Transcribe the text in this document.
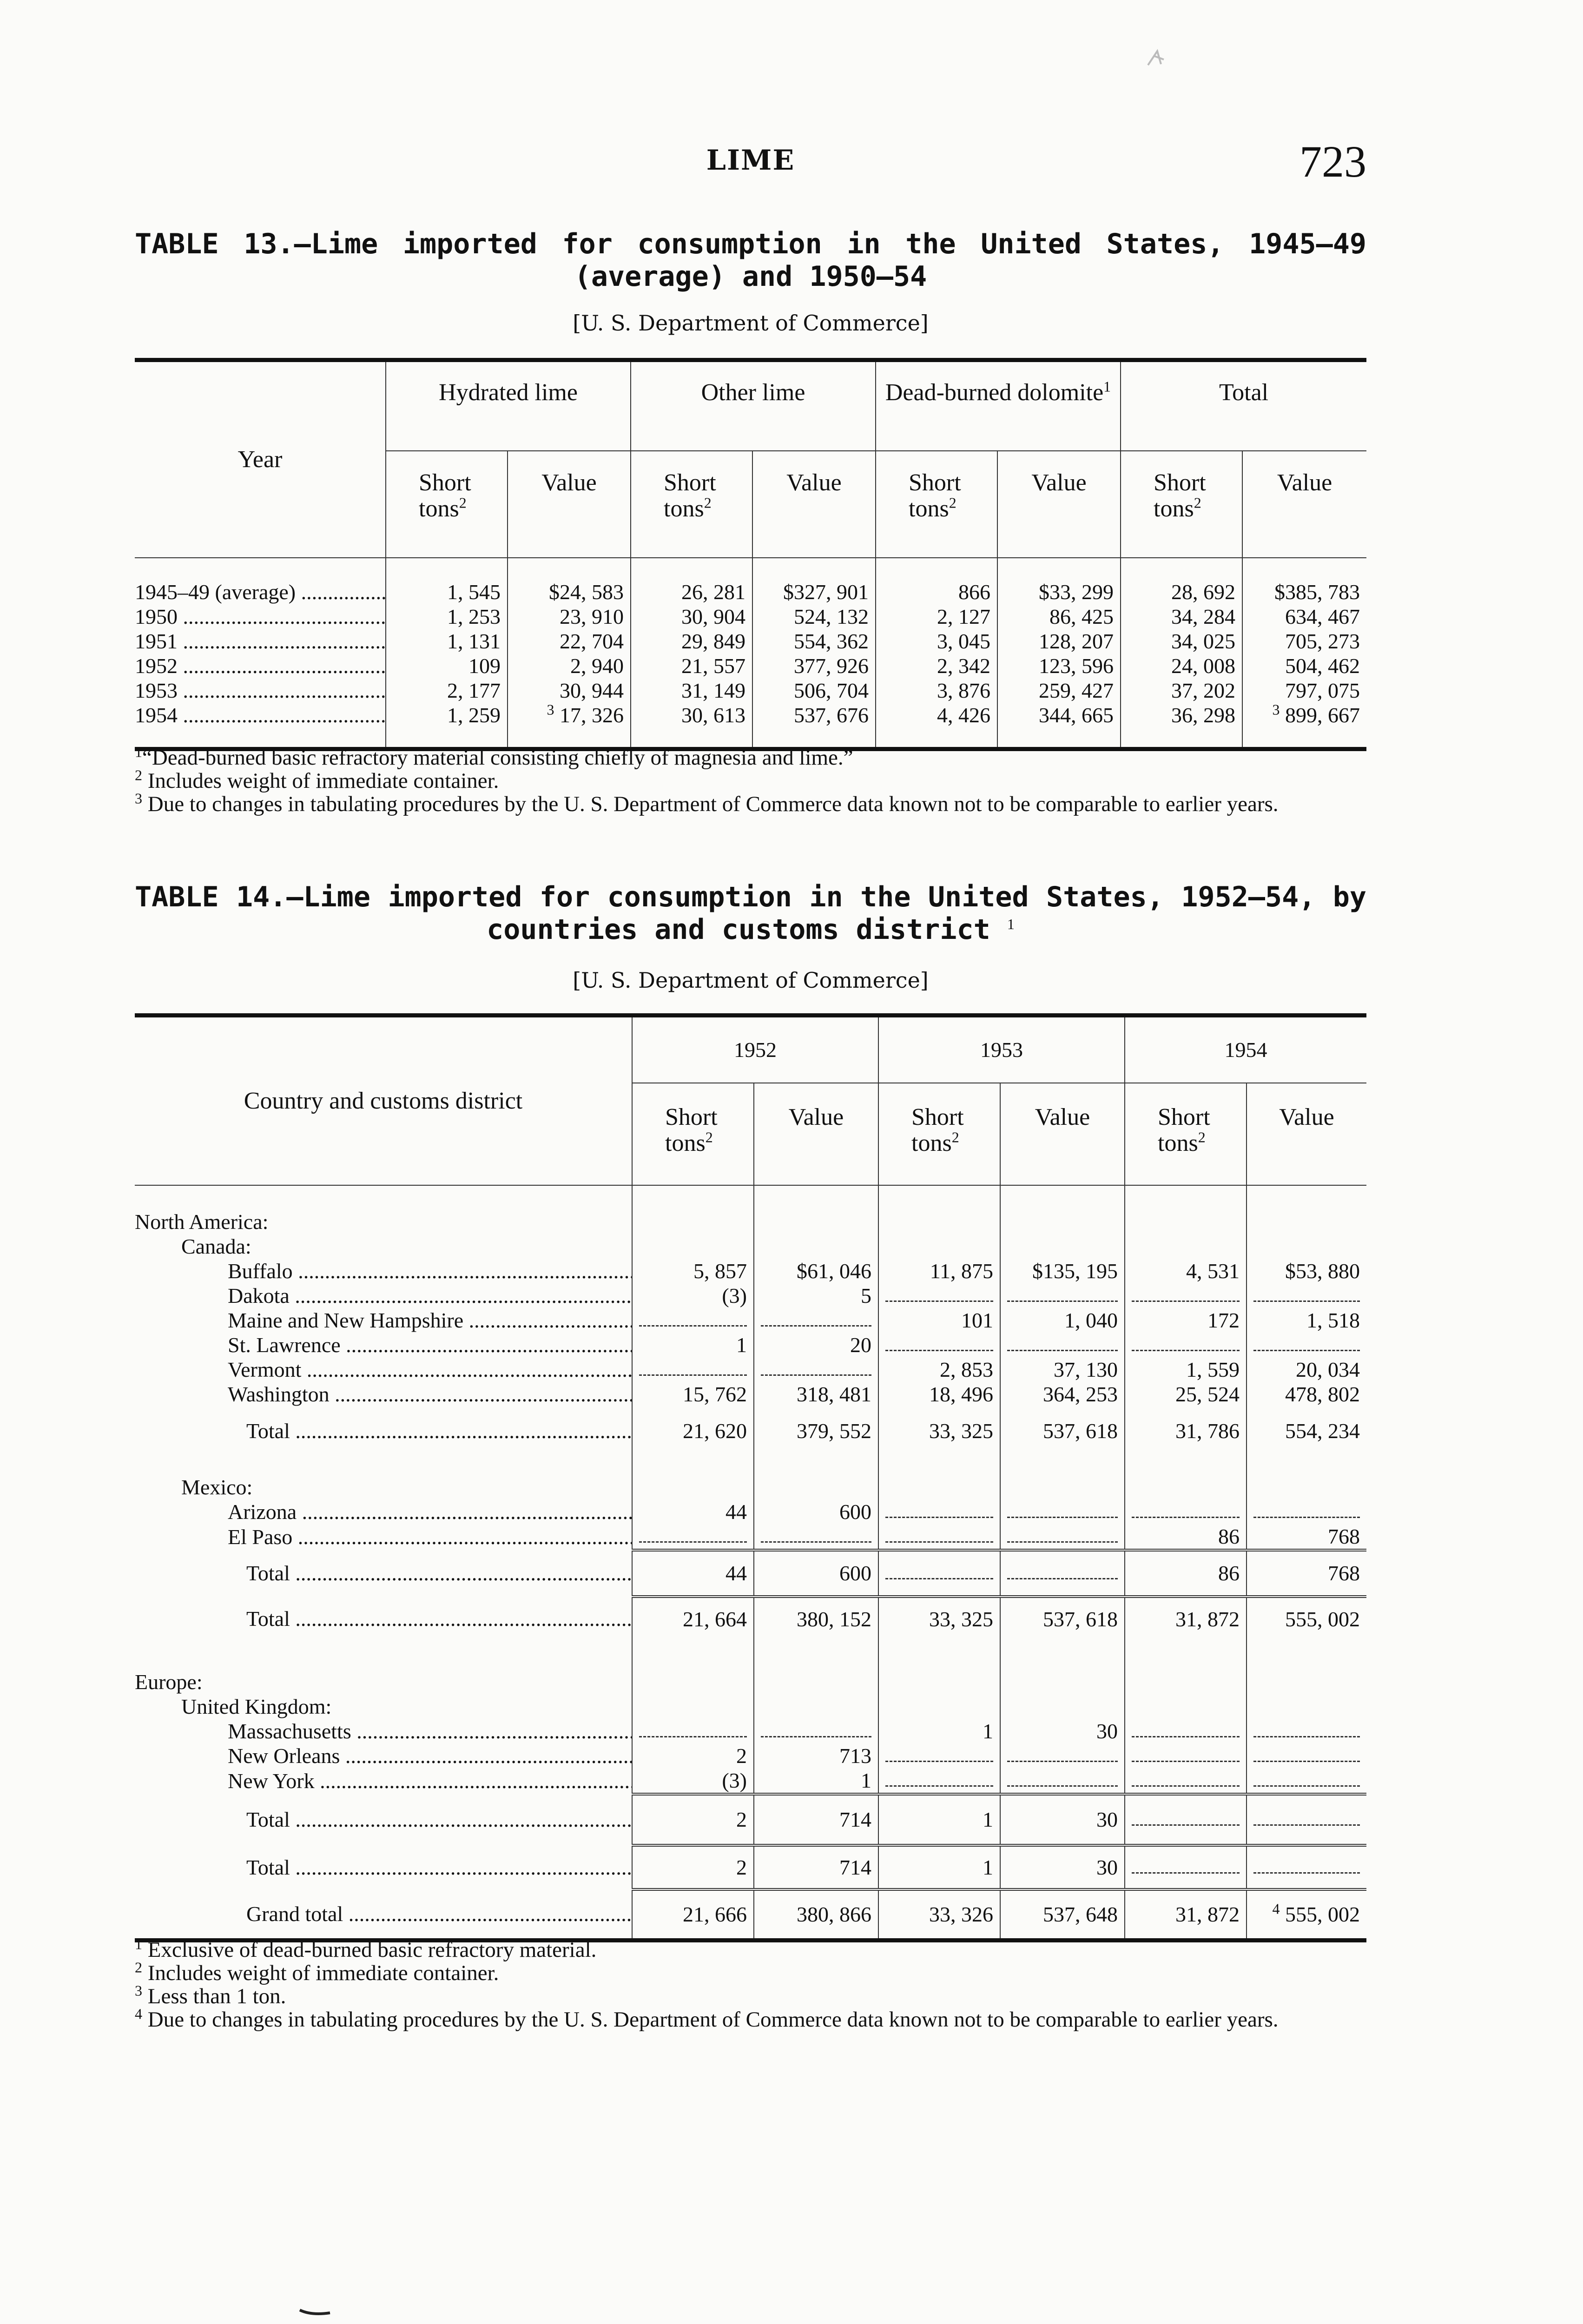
LIME	723
TABLE 13.—Lime imported for consumption in the United States, 1945–49
(average) and 1950–54
[U. S. Department of Commerce]
Year	Hydrated lime		Other lime		Dead-burned dolomite$^1$		Total	
	Short tons$^2$	Value	Short tons$^2$	Value	Short tons$^2$	Value	Short tons$^2$	Value
1945–49 (average) .....	1, 545	$24, 583	26, 281	$327, 901	866	$33, 299	28, 692	$385, 783
1950 .....	1, 253	23, 910	30, 904	524, 132	2, 127	86, 425	34, 284	634, 467
1951 .....	1, 131	22, 704	29, 849	554, 362	3, 045	128, 207	34, 025	705, 273
1952 .....	109	2, 940	21, 557	377, 926	2, 342	123, 596	24, 008	504, 462
1953 .....	2, 177	30, 944	31, 149	506, 704	3, 876	259, 427	37, 202	797, 075
1954 .....	1, 259	$^3$ 17, 326	30, 613	537, 676	4, 426	344, 665	36, 298	$^3$ 899, 667
$^1$“Dead-burned basic refractory material consisting chiefly of magnesia and lime.”
$^2$ Includes weight of immediate container.
$^3$ Due to changes in tabulating procedures by the U. S. Department of Commerce data known not to be comparable to earlier years.
TABLE 14.—Lime imported for consumption in the United States, 1952–54, by
countries and customs district $^1$
[U. S. Department of Commerce]
Country and customs district	1952		1953		1954	
	Short tons$^2$	Value	Short tons$^2$	Value	Short tons$^2$	Value
North America:						
Canada:						
Buffalo .....	5, 857	$61, 046	11, 875	$135, 195	4, 531	$53, 880
Dakota .....	(3)	5	

Maine and New Hampshire .....			101	1, 040	172	1, 518
St. Lawrence .....	1	20	

Vermont .....			2, 853	37, 130	1, 559	20, 034
Washington .....	15, 762	318, 481	18, 496	364, 253	25, 524	478, 802
Total .....	21, 620	379, 552	33, 325	537, 618	31, 786	554, 234
Mexico:						
Arizona .....	44	600	

El Paso .....					86	768
Total .....	44	600			86	768
Total .....	21, 664	380, 152	33, 325	537, 618	31, 872	555, 002
Europe:						
United Kingdom:						
Massachusetts .....			1	30	

New Orleans .....	2	713	

New York .....	(3)	1	

Total .....	2	714	1	30	

Total .....	2	714	1	30	

Grand total .....	21, 666	380, 866	33, 326	537, 648	31, 872	$^4$ 555, 002
$^1$ Exclusive of dead-burned basic refractory material.
$^2$ Includes weight of immediate container.
$^3$ Less than 1 ton.
$^4$ Due to changes in tabulating procedures by the U. S. Department of Commerce data known not to be comparable to earlier years.
